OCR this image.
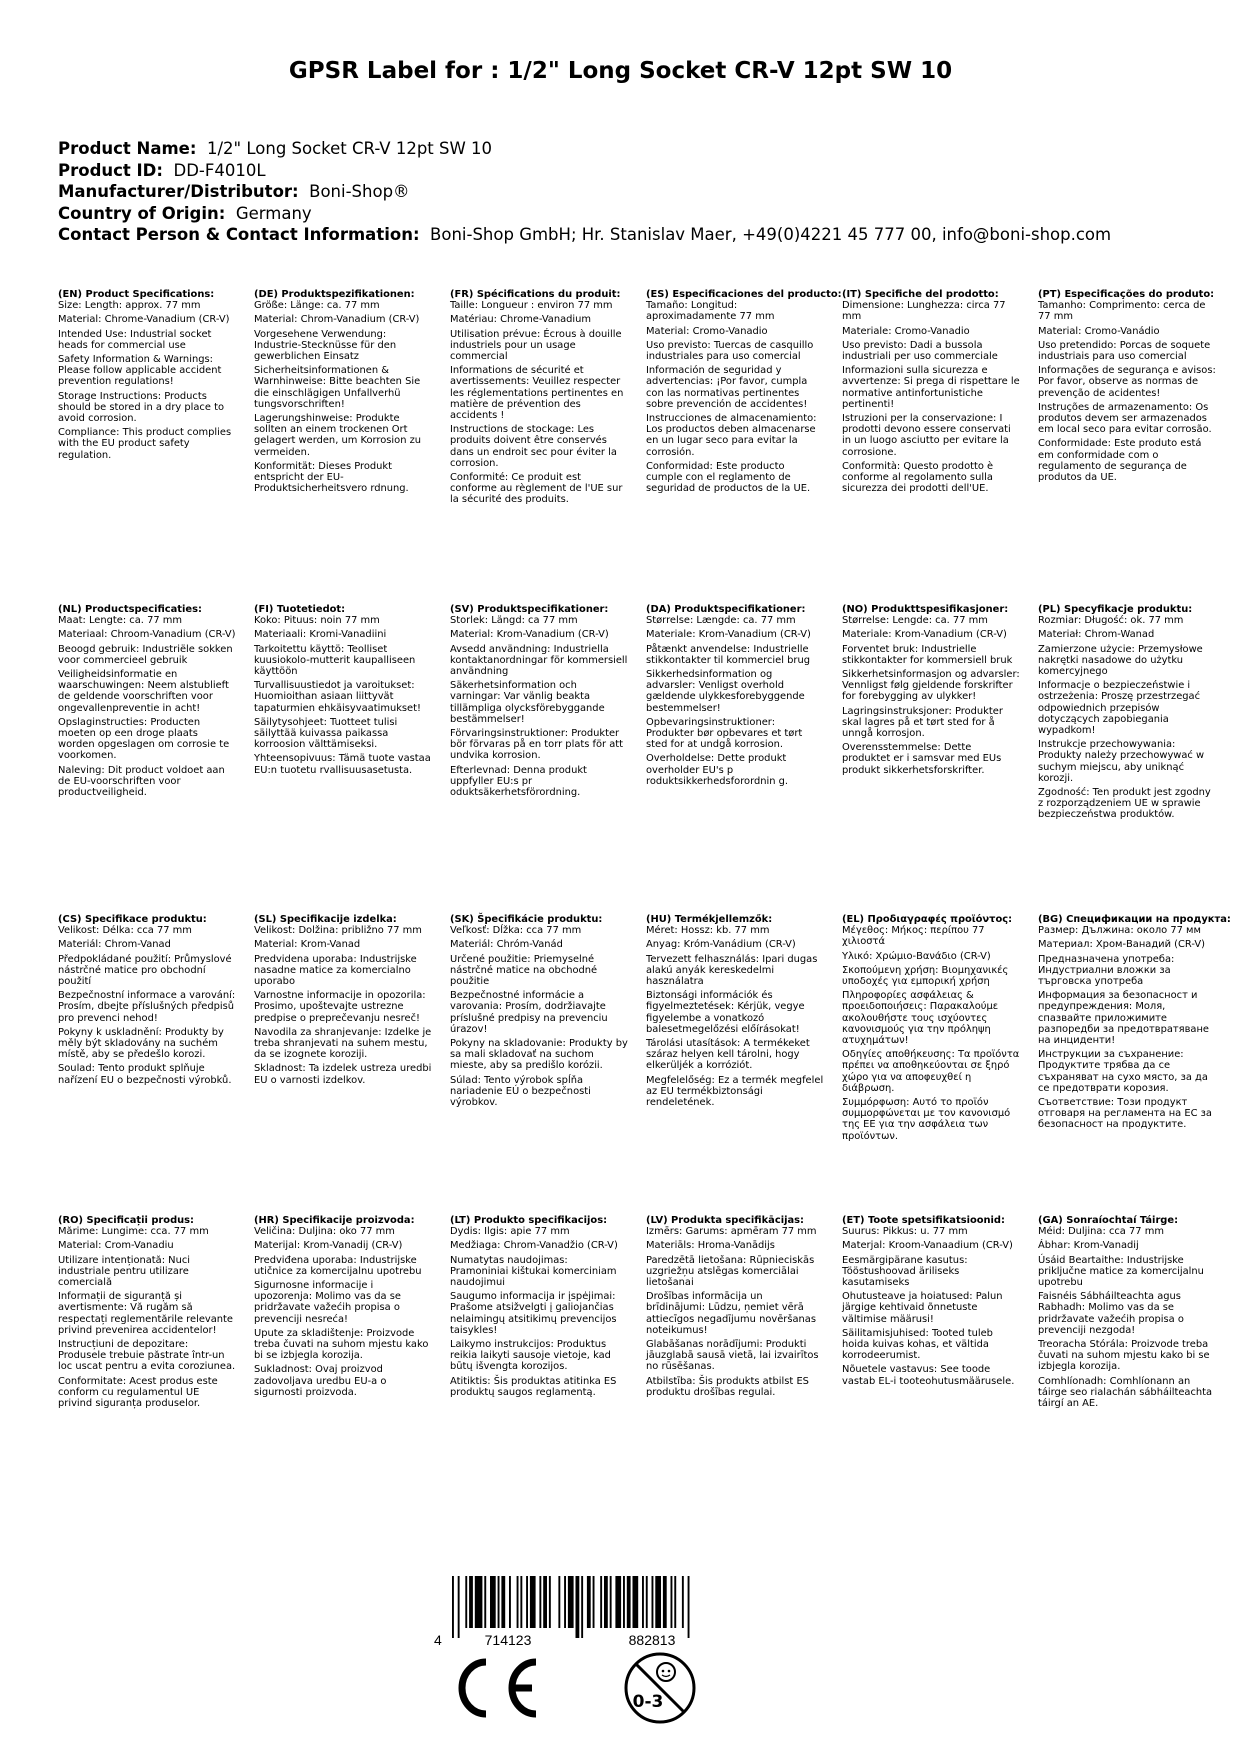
GPSR Label for : 1/2" Long Socket CR-V 12pt SW 10
Product Name: 1/2" Long Socket CR-V 12pt SW 10
Product ID: DD-F4010L
Manufacturer/Distributor: Boni-Shop®
Country of Origin: Germany
Contact Person & Contact Information: Boni-Shop GmbH; Hr. Stanislav Maer, +49(0)4221 45 777 00, info@boni-shop.com
(EN) Product Specifications:

Size: Length: approx. 77 mm

Material: Chrome-Vanadium (CR-V)

Intended Use: Industrial socket heads for commercial use

Safety Information & Warnings: Please follow applicable accident prevention regulations!

Storage Instructions: Products should be stored in a dry place to avoid corrosion.

Compliance: This product complies with the EU product safety regulation.

(DE) Produktspezifikationen:

Größe: Länge: ca. 77 mm

Material: Chrom-Vanadium (CR-V)

Vorgesehene Verwendung: Industrie-Stecknüsse für den gewerblichen Einsatz

Sicherheitsinformationen & Warnhinweise: Bitte beachten Sie die einschlägigen Unfallverhü tungsvorschriften!

Lagerungshinweise: Produkte sollten an einem trockenen Ort gelagert werden, um Korrosion zu vermeiden.

Konformität: Dieses Produkt entspricht der EU-Produktsicherheitsvero rdnung.

(FR) Spécifications du produit:

Taille: Longueur : environ 77 mm

Matériau: Chrome-Vanadium

Utilisation prévue: Écrous à douille industriels pour un usage commercial

Informations de sécurité et avertissements: Veuillez respecter les réglementations pertinentes en matière de prévention des accidents !

Instructions de stockage: Les produits doivent être conservés dans un endroit sec pour éviter la corrosion.

Conformité: Ce produit est conforme au règlement de l'UE sur la sécurité des produits.

(ES) Especificaciones del producto:

Tamaño: Longitud: aproximadamente 77 mm

Material: Cromo-Vanadio

Uso previsto: Tuercas de casquillo industriales para uso comercial

Información de seguridad y advertencias: ¡Por favor, cumpla con las normativas pertinentes sobre prevención de accidentes!

Instrucciones de almacenamiento: Los productos deben almacenarse en un lugar seco para evitar la corrosión.

Conformidad: Este producto cumple con el reglamento de seguridad de productos de la UE.

(IT) Specifiche del prodotto:

Dimensione: Lunghezza: circa 77 mm

Materiale: Cromo-Vanadio

Uso previsto: Dadi a bussola industriali per uso commerciale

Informazioni sulla sicurezza e avvertenze: Si prega di rispettare le normative antinfortunistiche pertinenti!

Istruzioni per la conservazione: I prodotti devono essere conservati in un luogo asciutto per evitare la corrosione.

Conformità: Questo prodotto è conforme al regolamento sulla sicurezza dei prodotti dell'UE.

(PT) Especificações do produto:

Tamanho: Comprimento: cerca de 77 mm

Material: Cromo-Vanádio

Uso pretendido: Porcas de soquete industriais para uso comercial

Informações de segurança e avisos: Por favor, observe as normas de prevenção de acidentes!

Instruções de armazenamento: Os produtos devem ser armazenados em local seco para evitar corrosão.

Conformidade: Este produto está em conformidade com o regulamento de segurança de produtos da UE.

(NL) Productspecificaties:

Maat: Lengte: ca. 77 mm

Materiaal: Chroom-Vanadium (CR-V)

Beoogd gebruik: Industriële sokken voor commercieel gebruik

Veiligheidsinformatie en waarschuwingen: Neem alstublieft de geldende voorschriften voor ongevallenpreventie in acht!

Opslaginstructies: Producten moeten op een droge plaats worden opgeslagen om corrosie te voorkomen.

Naleving: Dit product voldoet aan de EU-voorschriften voor productveiligheid.

(FI) Tuotetiedot:

Koko: Pituus: noin 77 mm

Materiaali: Kromi-Vanadiini

Tarkoitettu käyttö: Teolliset kuusiokolo-mutterit kaupalliseen käyttöön

Turvallisuustiedot ja varoitukset: Huomioithan asiaan liittyvät tapaturmien ehkäisyvaatimukset!

Säilytysohjeet: Tuotteet tulisi säilyttää kuivassa paikassa korroosion välttämiseksi.

Yhteensopivuus: Tämä tuote vastaa EU:n tuotetu rvallisuusasetusta.

(SV) Produktspecifikationer:

Storlek: Längd: ca 77 mm

Material: Krom-Vanadium (CR-V)

Avsedd användning: Industriella kontaktanordningar för kommersiell användning

Säkerhetsinformation och varningar: Var vänlig beakta tillämpliga olycksförebyggande bestämmelser!

Förvaringsinstruktioner: Produkter bör förvaras på en torr plats för att undvika korrosion.

Efterlevnad: Denna produkt uppfyller EU:s pr oduktsäkerhetsförordning.

(DA) Produktspecifikationer:

Størrelse: Længde: ca. 77 mm

Materiale: Krom-Vanadium (CR-V)

Påtænkt anvendelse: Industrielle stikkontakter til kommerciel brug

Sikkerhedsinformation og advarsler: Venligst overhold gældende ulykkesforebyggende bestemmelser!

Opbevaringsinstruktioner: Produkter bør opbevares et tørt sted for at undgå korrosion.

Overholdelse: Dette produkt overholder EU's p roduktsikkerhedsforordnin g.

(NO) Produkttspesifikasjoner:

Størrelse: Lengde: ca. 77 mm

Materiale: Krom-Vanadium (CR-V)

Forventet bruk: Industrielle stikkontakter for kommersiell bruk

Sikkerhetsinformasjon og advarsler: Vennligst følg gjeldende forskrifter for forebygging av ulykker!

Lagringsinstruksjoner: Produkter skal lagres på et tørt sted for å unngå korrosjon.

Overensstemmelse: Dette produktet er i samsvar med EUs produkt sikkerhetsforskrifter.

(PL) Specyfikacje produktu:

Rozmiar: Długość: ok. 77 mm

Materiał: Chrom-Wanad

Zamierzone użycie: Przemysłowe nakrętki nasadowe do użytku komercyjnego

Informacje o bezpieczeństwie i ostrzeżenia: Proszę przestrzegać odpowiednich przepisów dotyczących zapobiegania wypadkom!

Instrukcje przechowywania: Produkty należy przechowywać w suchym miejscu, aby uniknąć korozji.

Zgodność: Ten produkt jest zgodny z rozporządzeniem UE w sprawie bezpieczeństwa produktów.

(CS) Specifikace produktu:

Velikost: Délka: cca 77 mm

Materiál: Chrom-Vanad

Předpokládané použití: Průmyslové nástrčné matice pro obchodní použití

Bezpečnostní informace a varování: Prosím, dbejte příslušných předpisů pro prevenci nehod!

Pokyny k uskladnění: Produkty by měly být skladovány na suchém místě, aby se předešlo korozi.

Soulad: Tento produkt splňuje nařízení EU o bezpečnosti výrobků.

(SL) Specifikacije izdelka:

Velikost: Dolžina: približno 77 mm

Material: Krom-Vanad

Predvidena uporaba: Industrijske nasadne matice za komercialno uporabo

Varnostne informacije in opozorila: Prosimo, upoštevajte ustrezne predpise o preprečevanju nesreč!

Navodila za shranjevanje: Izdelke je treba shranjevati na suhem mestu, da se izognete koroziji.

Skladnost: Ta izdelek ustreza uredbi EU o varnosti izdelkov.

(SK) Špecifikácie produktu:

Veľkosť: Dĺžka: cca 77 mm

Materiál: Chróm-Vanád

Určené použitie: Priemyselné nástrčné matice na obchodné použitie

Bezpečnostné informácie a varovania: Prosím, dodržiavajte príslušné predpisy na prevenciu úrazov!

Pokyny na skladovanie: Produkty by sa mali skladovať na suchom mieste, aby sa predišlo korózii.

Súlad: Tento výrobok spĺňa nariadenie EÚ o bezpečnosti výrobkov.

(HU) Termékjellemzők:

Méret: Hossz: kb. 77 mm

Anyag: Króm-Vanádium (CR-V)

Tervezett felhasználás: Ipari dugas alakú anyák kereskedelmi használatra

Biztonsági információk és figyelmeztetések: Kérjük, vegye figyelembe a vonatkozó balesetmegelőzési előírásokat!

Tárolási utasítások: A termékeket száraz helyen kell tárolni, hogy elkerüljék a korróziót.

Megfelelőség: Ez a termék megfelel az EU termékbiztonsági rendeletének.

(EL) Προδιαγραφές προϊόντος:

Μέγεθος: Μήκος: περίπου 77 χιλιοστά

Υλικό: Χρώμιο-Βανάδιο (CR-V)

Σκοπούμενη χρήση: Βιομηχανικές υποδοχές για εμπορική χρήση

Πληροφορίες ασφάλειας & προειδοποιήσεις: Παρακαλούμε ακολουθήστε τους ισχύοντες κανονισμούς για την πρόληψη ατυχημάτων!

Οδηγίες αποθήκευσης: Τα προϊόντα πρέπει να αποθηκεύονται σε ξηρό χώρο για να αποφευχθεί η διάβρωση.

Συμμόρφωση: Αυτό το προϊόν συμμορφώνεται με τον κανονισμό της ΕΕ για την ασφάλεια των προϊόντων.

(BG) Спецификации на продукта:

Размер: Дължина: около 77 мм

Материал: Хром-Ванадий (CR-V)

Предназначена употреба: Индустриални вложки за търговска употреба

Информация за безопасност и предупреждения: Моля, спазвайте приложимите разпоредби за предотвратяване на инциденти!

Инструкции за съхранение: Продуктите трябва да се съхраняват на сухо място, за да се предотврати корозия.

Съответствие: Този продукт отговаря на регламента на ЕС за безопасност на продуктите.

(RO) Specificații produs:

Mărime: Lungime: cca. 77 mm

Material: Crom-Vanadiu

Utilizare intenționată: Nuci industriale pentru utilizare comercială

Informații de siguranță și avertismente: Vă rugăm să respectați reglementările relevante privind prevenirea accidentelor!

Instrucțiuni de depozitare: Produsele trebuie păstrate într-un loc uscat pentru a evita coroziunea.

Conformitate: Acest produs este conform cu regulamentul UE privind siguranța produselor.

(HR) Specifikacije proizvoda:

Veličina: Duljina: oko 77 mm

Materijal: Krom-Vanadij (CR-V)

Predviđena uporaba: Industrijske utičnice za komercijalnu upotrebu

Sigurnosne informacije i upozorenja: Molimo vas da se pridržavate važećih propisa o prevenciji nesreća!

Upute za skladištenje: Proizvode treba čuvati na suhom mjestu kako bi se izbjegla korozija.

Sukladnost: Ovaj proizvod zadovoljava uredbu EU-a o sigurnosti proizvoda.

(LT) Produkto specifikacijos:

Dydis: Ilgis: apie 77 mm

Medžiaga: Chrom-Vanadžio (CR-V)

Numatytas naudojimas: Pramoniniai kištukai komerciniam naudojimui

Saugumo informacija ir įspėjimai: Prašome atsižvelgti į galiojančias nelaimingų atsitikimų prevencijos taisykles!

Laikymo instrukcijos: Produktus reikia laikyti sausoje vietoje, kad būtų išvengta korozijos.

Atitiktis: Šis produktas atitinka ES produktų saugos reglamentą.

(LV) Produkta specifikācijas:

Izmērs: Garums: apmēram 77 mm

Materiāls: Hroma-Vanādijs

Paredzētā lietošana: Rūpnieciskās uzgriežņu atslēgas komerciālai lietošanai

Drošības informācija un brīdinājumi: Lūdzu, ņemiet vērā attiecīgos negadījumu novēršanas noteikumus!

Glabāšanas norādījumi: Produkti jāuzglabā sausā vietā, lai izvairītos no rūsēšanas.

Atbilstība: Šis produkts atbilst ES produktu drošības regulai.

(ET) Toote spetsifikatsioonid:

Suurus: Pikkus: u. 77 mm

Materjal: Kroom-Vanaadium (CR-V)

Eesmärgipärane kasutus: Tööstushoovad äriliseks kasutamiseks

Ohutusteave ja hoiatused: Palun järgige kehtivaid õnnetuste vältimise määrusi!

Säilitamisjuhised: Tooted tuleb hoida kuivas kohas, et vältida korrodeerumist.

Nõuetele vastavus: See toode vastab EL-i tooteohutusmäärusele.

(GA) Sonraíochtaí Táirge:

Méid: Duljina: cca 77 mm

Ábhar: Krom-Vanadij

Úsáid Beartaithe: Industrijske priključne matice za komercijalnu upotrebu

Faisnéis Sábháilteachta agus Rabhadh: Molimo vas da se pridržavate važećih propisa o prevenciji nezgoda!

Treoracha Stórála: Proizvode treba čuvati na suhom mjestu kako bi se izbjegla korozija.

Comhlíonadh: Comhlíonann an táirge seo rialachán sábháilteachta táirgí an AE.

4	714123	882813
0-3
